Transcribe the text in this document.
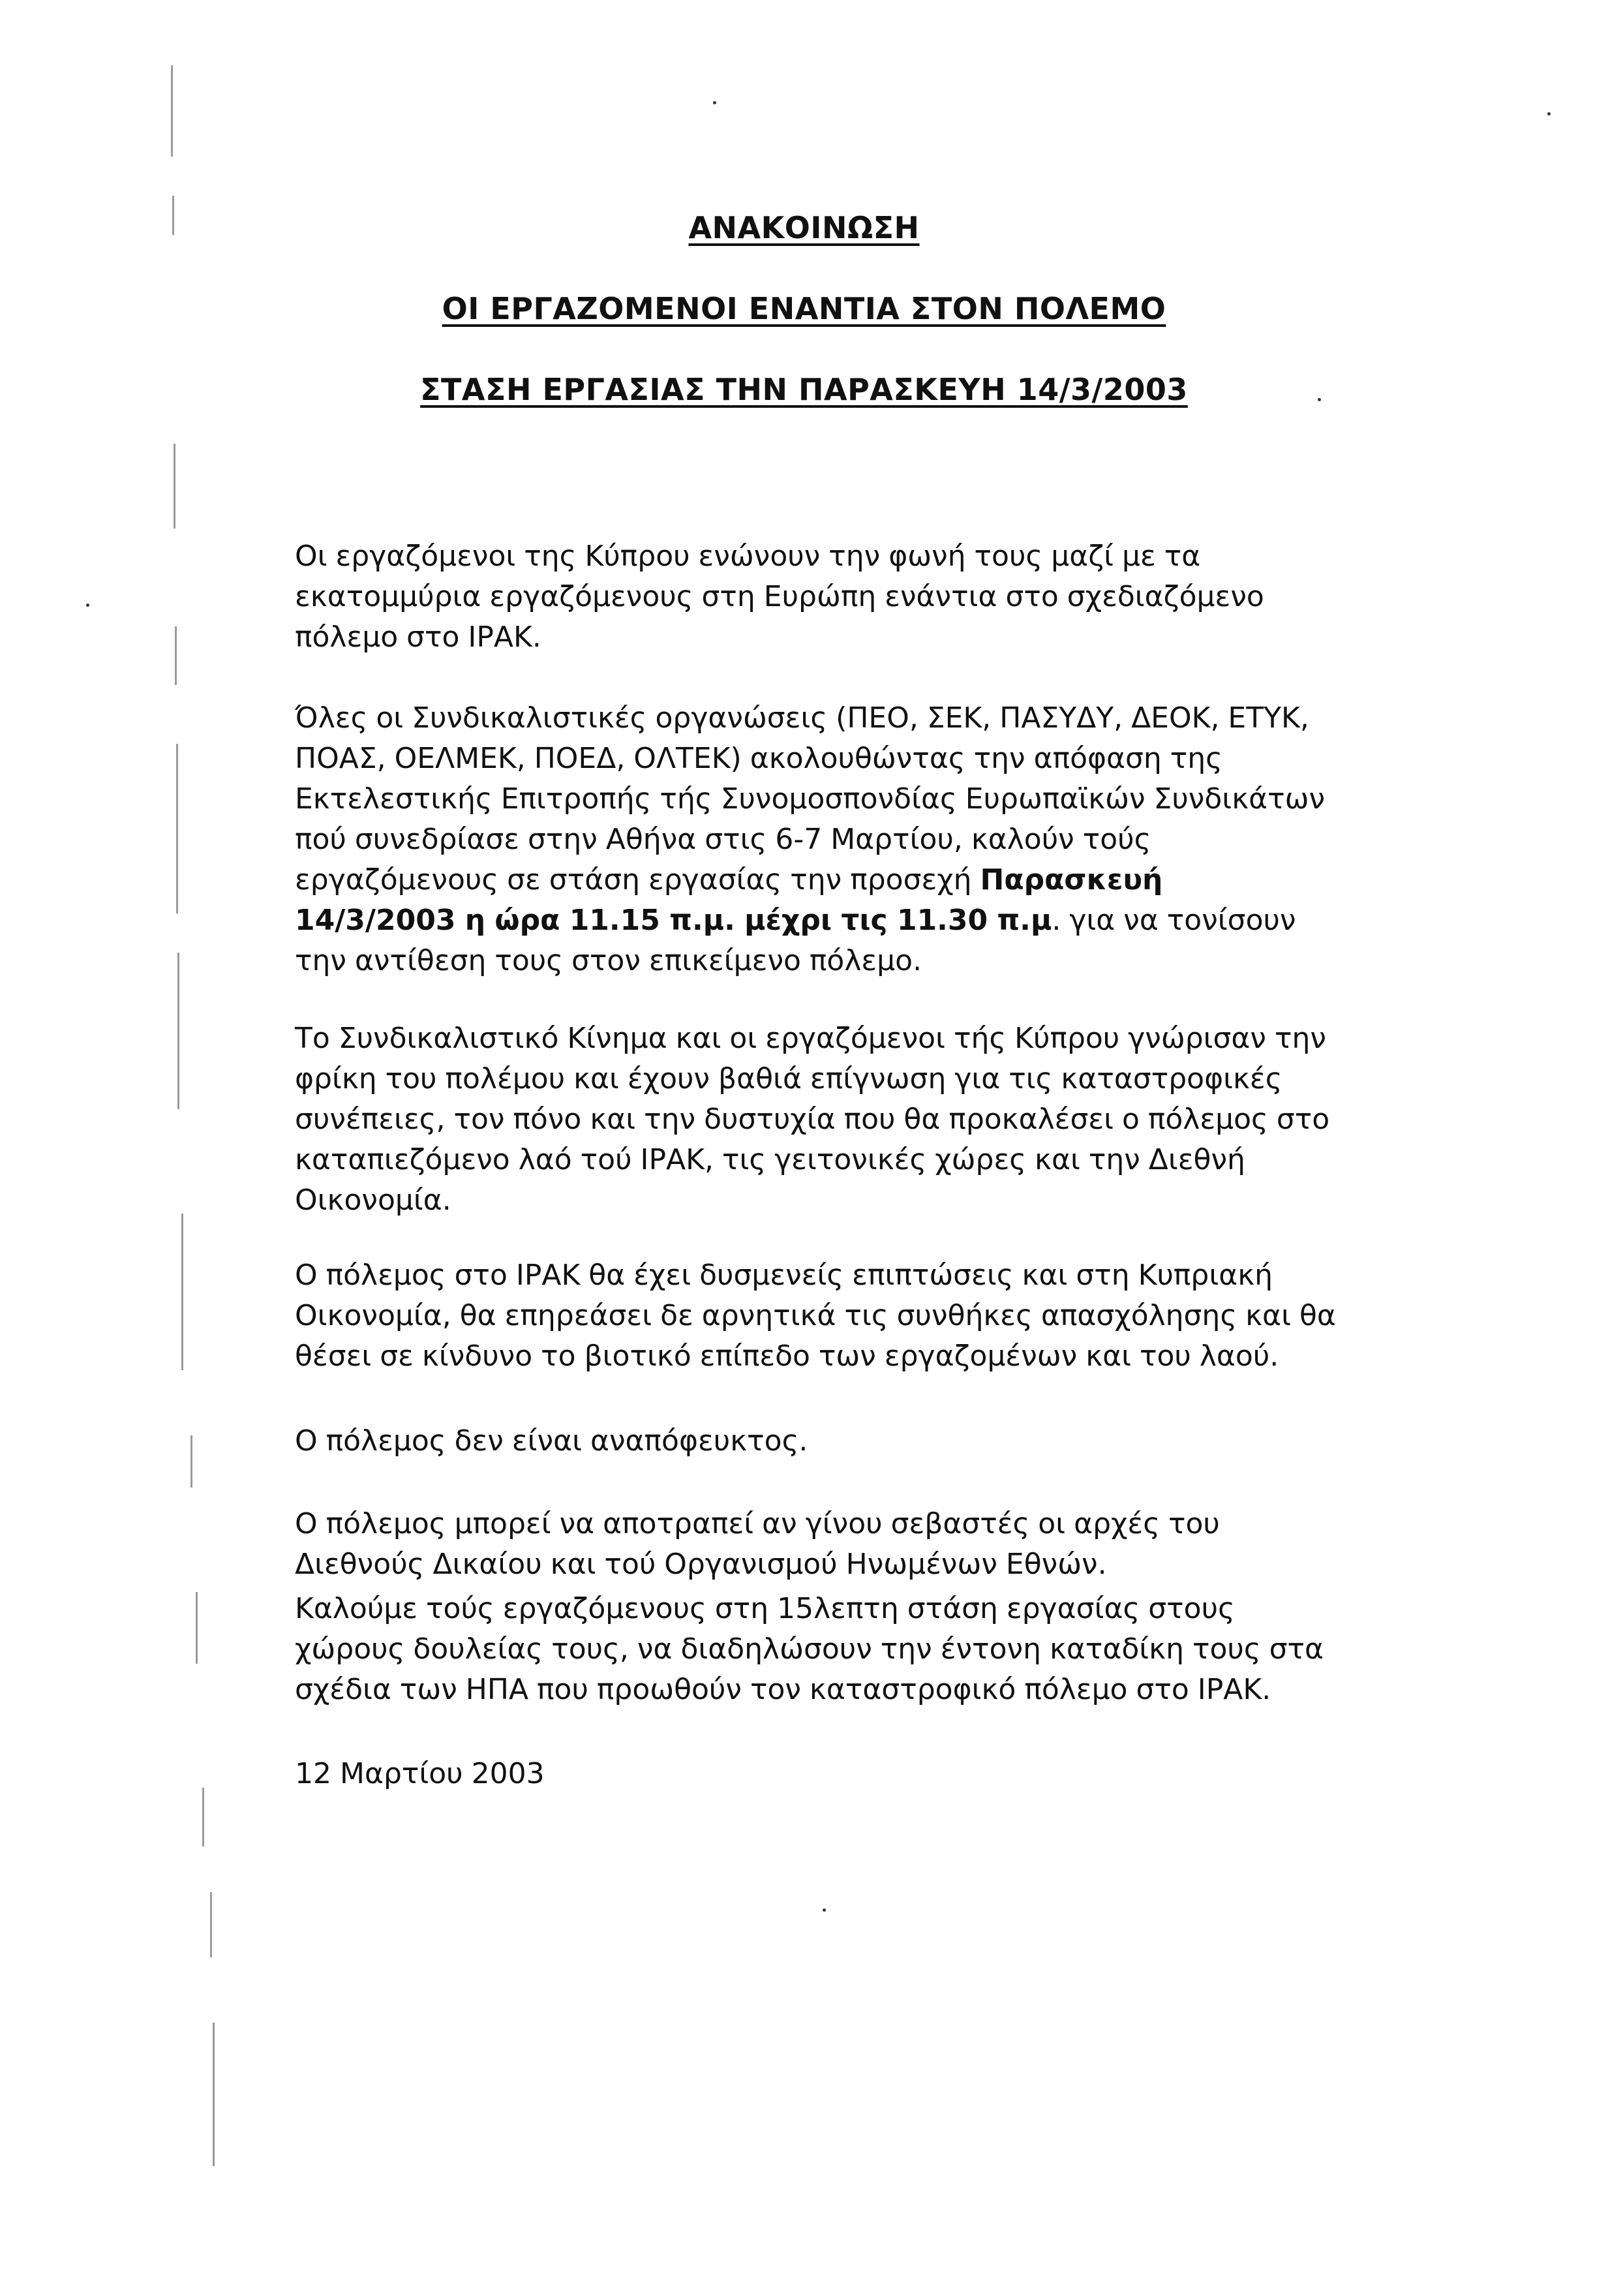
ΑΝΑΚΟΙΝΩΣΗ
ΟΙ ΕΡΓΑΖΟΜΕΝΟΙ ΕΝΑΝΤΙΑ ΣΤΟΝ ΠΟΛΕΜΟ
ΣΤΑΣΗ ΕΡΓΑΣΙΑΣ ΤΗΝ ΠΑΡΑΣΚΕΥΗ 14/3/2003
Οι εργαζόμενοι της Κύπρου ενώνουν την φωνή τους μαζί με τα
εκατομμύρια εργαζόμενους στη Ευρώπη ενάντια στο σχεδιαζόμενο
πόλεμο στο ΙΡΑΚ.
Όλες οι Συνδικαλιστικές οργανώσεις (ΠΕΟ, ΣΕΚ, ΠΑΣΥΔΥ, ΔΕΟΚ, ΕΤΥΚ,
ΠΟΑΣ, ΟΕΛΜΕΚ, ΠΟΕΔ, ΟΛΤΕΚ) ακολουθώντας την απόφαση της
Εκτελεστικής Επιτροπής τής Συνομοσπονδίας Ευρωπαϊκών Συνδικάτων
πού συνεδρίασε στην Αθήνα στις 6-7 Μαρτίου, καλούν τούς
εργαζόμενους σε στάση εργασίας την προσεχή Παρασκευή
14/3/2003 η ώρα 11.15 π.μ. μέχρι τις 11.30 π.μ. για να τονίσουν
την αντίθεση τους στον επικείμενο πόλεμο.
Το Συνδικαλιστικό Κίνημα και οι εργαζόμενοι τής Κύπρου γνώρισαν την
φρίκη του πολέμου και έχουν βαθιά επίγνωση για τις καταστροφικές
συνέπειες, τον πόνο και την δυστυχία που θα προκαλέσει ο πόλεμος στο
καταπιεζόμενο λαό τού ΙΡΑΚ, τις γειτονικές χώρες και την Διεθνή
Οικονομία.
Ο πόλεμος στο ΙΡΑΚ θα έχει δυσμενείς επιπτώσεις και στη Κυπριακή
Οικονομία, θα επηρεάσει δε αρνητικά τις συνθήκες απασχόλησης και θα
θέσει σε κίνδυνο το βιοτικό επίπεδο των εργαζομένων και του λαού.
Ο πόλεμος δεν είναι αναπόφευκτος.
Ο πόλεμος μπορεί να αποτραπεί αν γίνου σεβαστές οι αρχές του
Διεθνούς Δικαίου και τού Οργανισμού Ηνωμένων Εθνών.
Καλούμε τούς εργαζόμενους στη 15λεπτη στάση εργασίας στους
χώρους δουλείας τους, να διαδηλώσουν την έντονη καταδίκη τους στα
σχέδια των ΗΠΑ που προωθούν τον καταστροφικό πόλεμο στο ΙΡΑΚ.
12 Μαρτίου 2003
